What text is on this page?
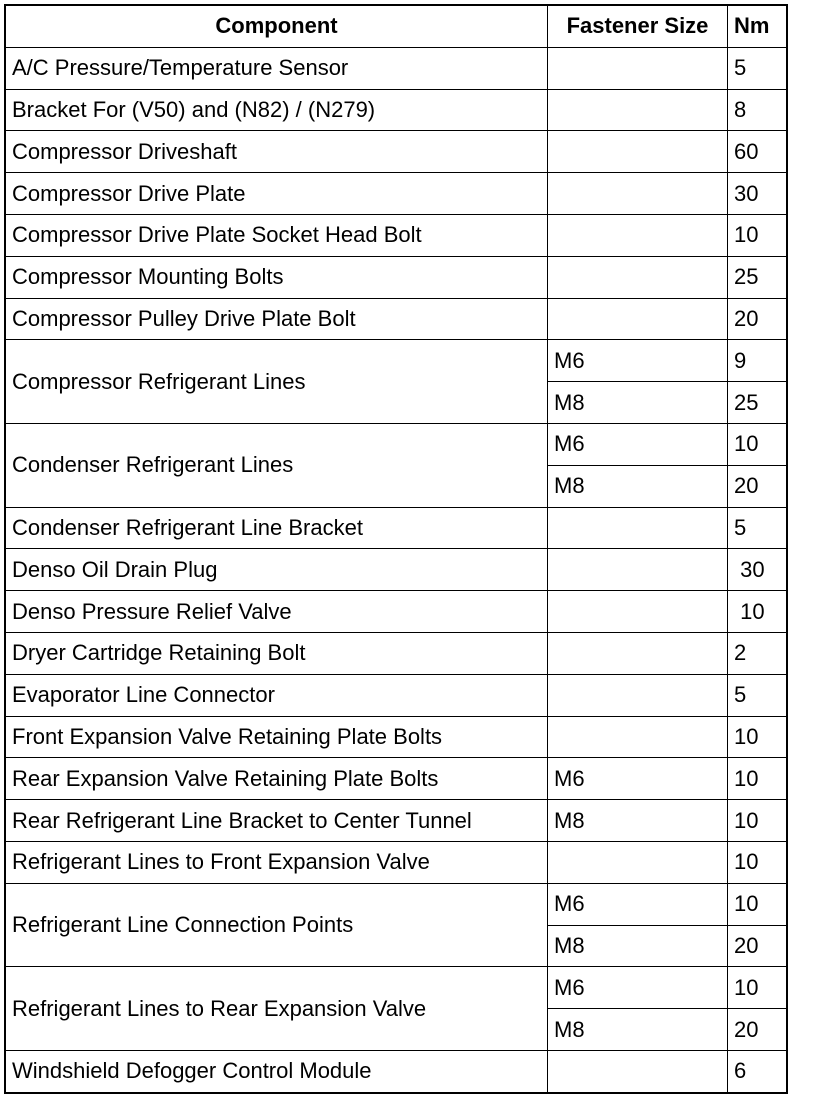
Component	Fastener Size	Nm
A/C Pressure/Temperature Sensor		5
Bracket For (V50) and (N82) / (N279)		8
Compressor Driveshaft		60
Compressor Drive Plate		30
Compressor Drive Plate Socket Head Bolt		10
Compressor Mounting Bolts		25
Compressor Pulley Drive Plate Bolt		20
Compressor Refrigerant Lines	M6	9
	M8	25
Condenser Refrigerant Lines	M6	10
	M8	20
Condenser Refrigerant Line Bracket		5
Denso Oil Drain Plug		30
Denso Pressure Relief Valve		10
Dryer Cartridge Retaining Bolt		2
Evaporator Line Connector		5
Front Expansion Valve Retaining Plate Bolts		10
Rear Expansion Valve Retaining Plate Bolts	M6	10
Rear Refrigerant Line Bracket to Center Tunnel	M8	10
Refrigerant Lines to Front Expansion Valve		10
Refrigerant Line Connection Points	M6	10
	M8	20
Refrigerant Lines to Rear Expansion Valve	M6	10
	M8	20
Windshield Defogger Control Module		6
